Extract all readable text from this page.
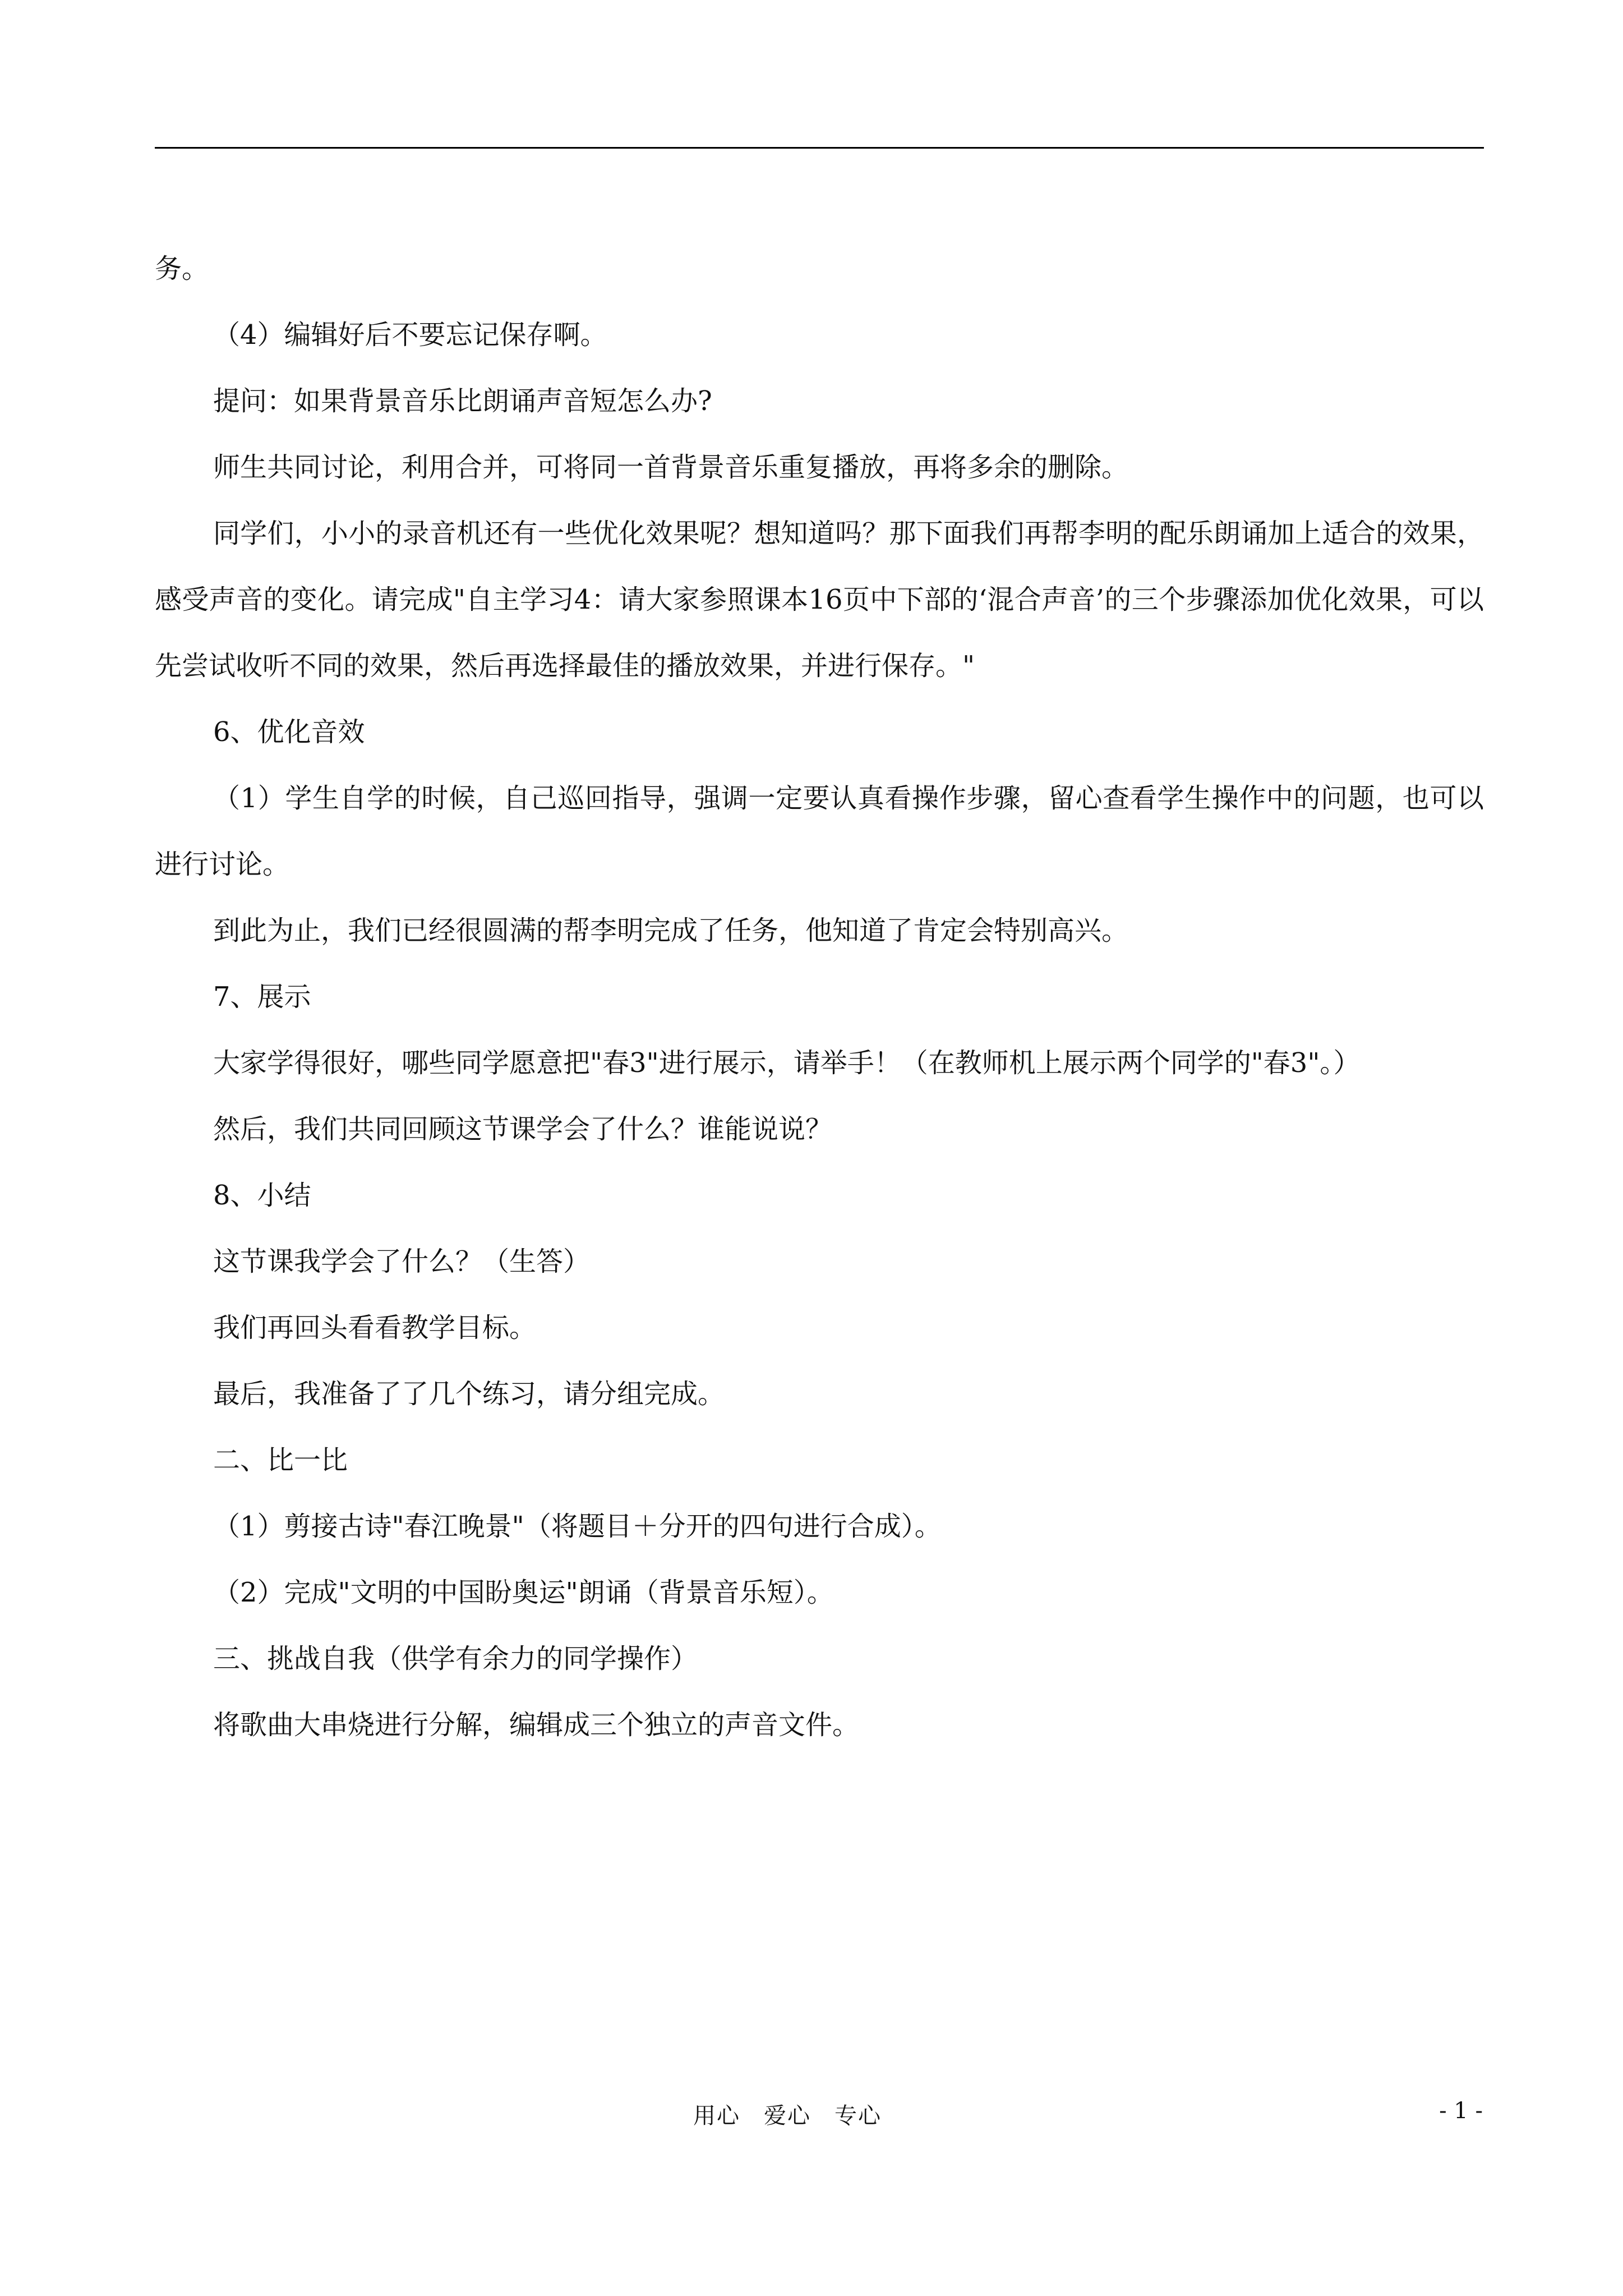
务。

（4）编辑好后不要忘记保存啊。

提问：如果背景音乐比朗诵声音短怎么办?

师生共同讨论，利用合并，可将同一首背景音乐重复播放，再将多余的删除。

同学们，小小的录音机还有一些优化效果呢？想知道吗？那下面我们再帮李明的配乐朗诵加上适合的效果，感受声音的变化。请完成"自主学习4：请大家参照课本16页中下部的‘混合声音’的三个步骤添加优化效果，可以先尝试收听不同的效果，然后再选择最佳的播放效果，并进行保存。"

6、优化音效

（1）学生自学的时候，自己巡回指导，强调一定要认真看操作步骤，留心查看学生操作中的问题，也可以进行讨论。

到此为止，我们已经很圆满的帮李明完成了任务，他知道了肯定会特别高兴。

7、展示

大家学得很好，哪些同学愿意把"春3"进行展示，请举手！（在教师机上展示两个同学的"春3"。）

然后，我们共同回顾这节课学会了什么？谁能说说？

8、小结

这节课我学会了什么？（生答）

我们再回头看看教学目标。

最后，我准备了了几个练习，请分组完成。

二、比一比

（1）剪接古诗"春江晚景"（将题目＋分开的四句进行合成）。

（2）完成"文明的中国盼奥运"朗诵（背景音乐短）。

三、挑战自我（供学有余力的同学操作）

将歌曲大串烧进行分解，编辑成三个独立的声音文件。

用心　爱心　专心	- 1 -
